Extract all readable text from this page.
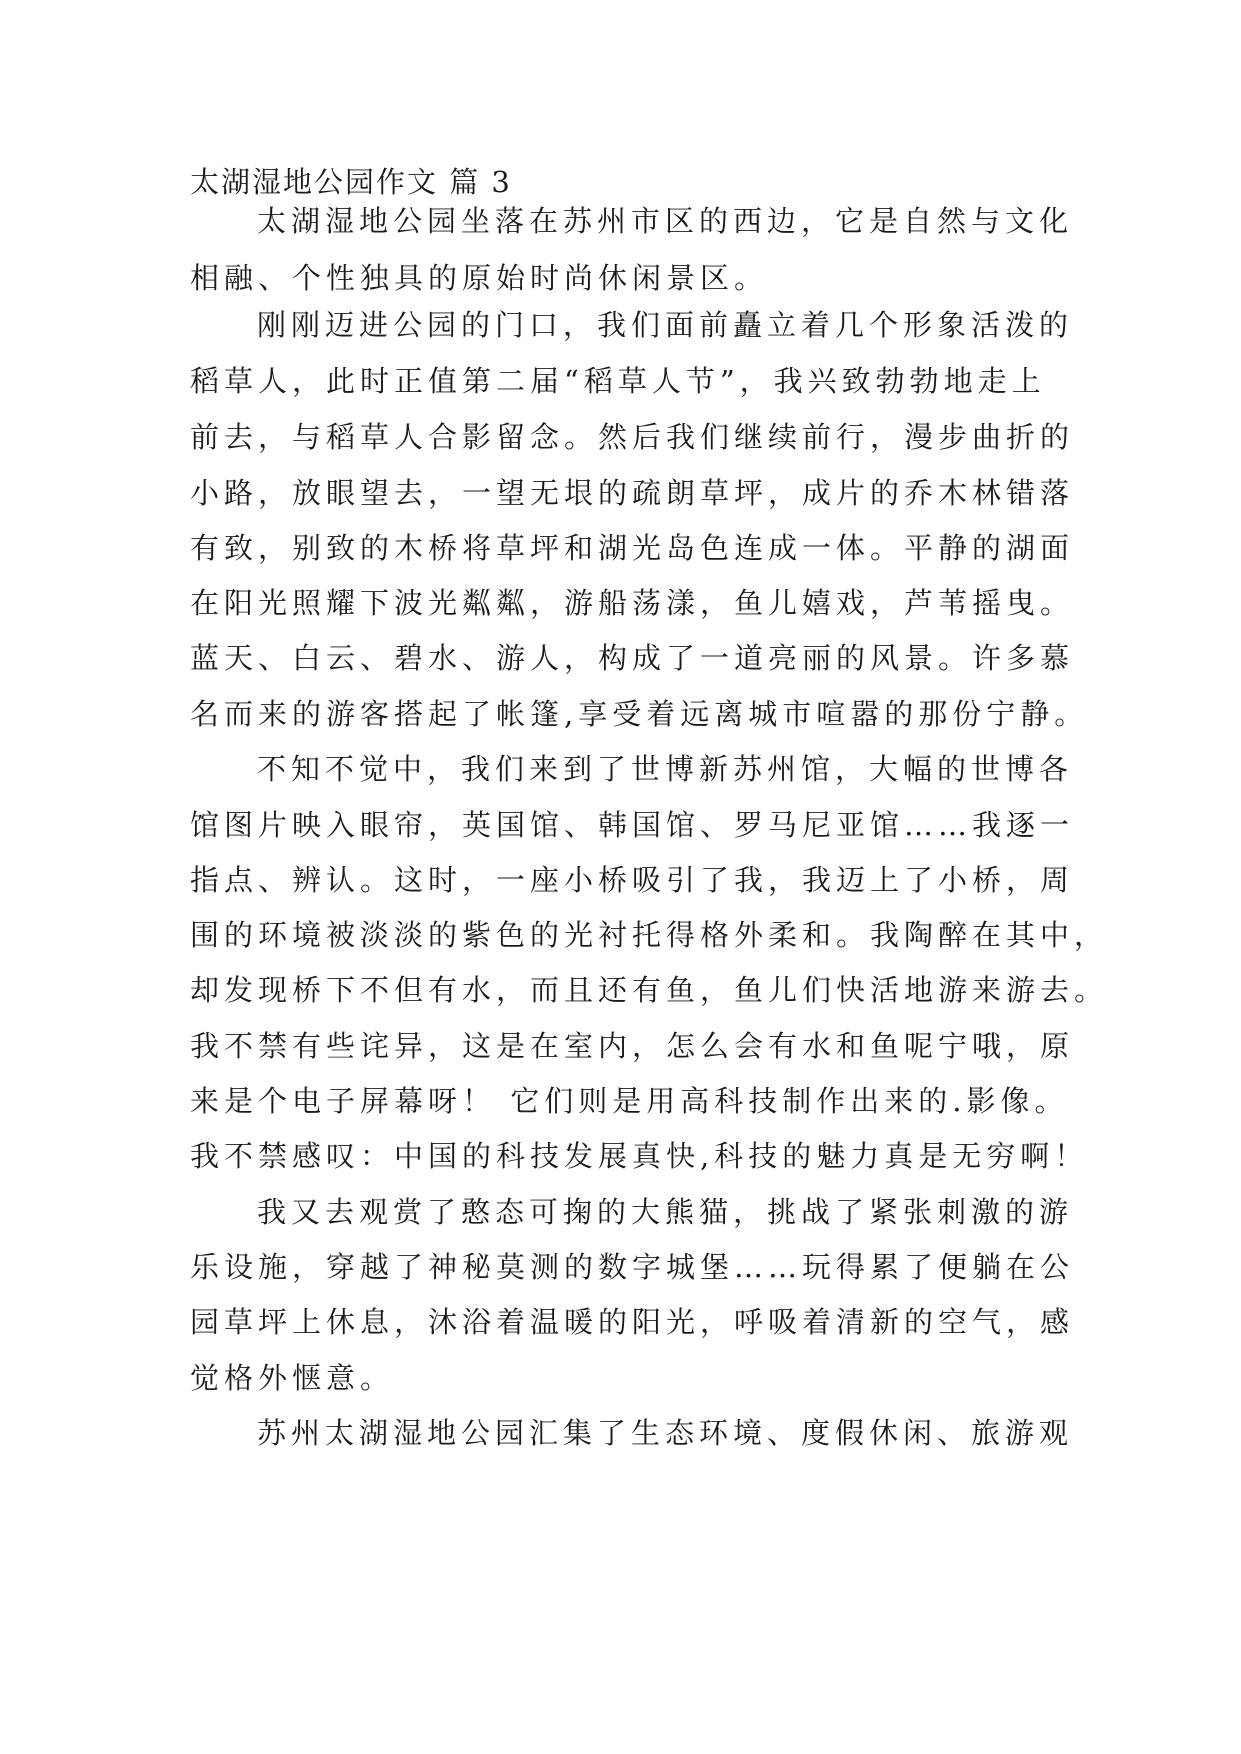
太湖湿地公园作文 篇 3
太湖湿地公园坐落在苏州市区的西边，它是自然与文化
相融、个性独具的原始时尚休闲景区。
刚刚迈进公园的门口，我们面前矗立着几个形象活泼的
稻草人，此时正值第二届“稻草人节”，我兴致勃勃地走上
前去，与稻草人合影留念。然后我们继续前行，漫步曲折的
小路，放眼望去，一望无垠的疏朗草坪，成片的乔木林错落
有致，别致的木桥将草坪和湖光岛色连成一体。平静的湖面
在阳光照耀下波光粼粼，游船荡漾，鱼儿嬉戏，芦苇摇曳。
蓝天、白云、碧水、游人，构成了一道亮丽的风景。许多慕
名而来的游客搭起了帐篷,享受着远离城市喧嚣的那份宁静。
不知不觉中，我们来到了世博新苏州馆，大幅的世博各
馆图片映入眼帘，英国馆、韩国馆、罗马尼亚馆……我逐一
指点、辨认。这时，一座小桥吸引了我，我迈上了小桥，周
围的环境被淡淡的紫色的光衬托得格外柔和。我陶醉在其中，
却发现桥下不但有水，而且还有鱼，鱼儿们快活地游来游去。
我不禁有些诧异，这是在室内，怎么会有水和鱼呢宁哦，原
来是个电子屏幕呀！ 它们则是用高科技制作出来的.影像。
我不禁感叹：中国的科技发展真快,科技的魅力真是无穷啊！
我又去观赏了憨态可掬的大熊猫，挑战了紧张刺激的游
乐设施，穿越了神秘莫测的数字城堡……玩得累了便躺在公
园草坪上休息，沐浴着温暖的阳光，呼吸着清新的空气，感
觉格外惬意。
苏州太湖湿地公园汇集了生态环境、度假休闲、旅游观
